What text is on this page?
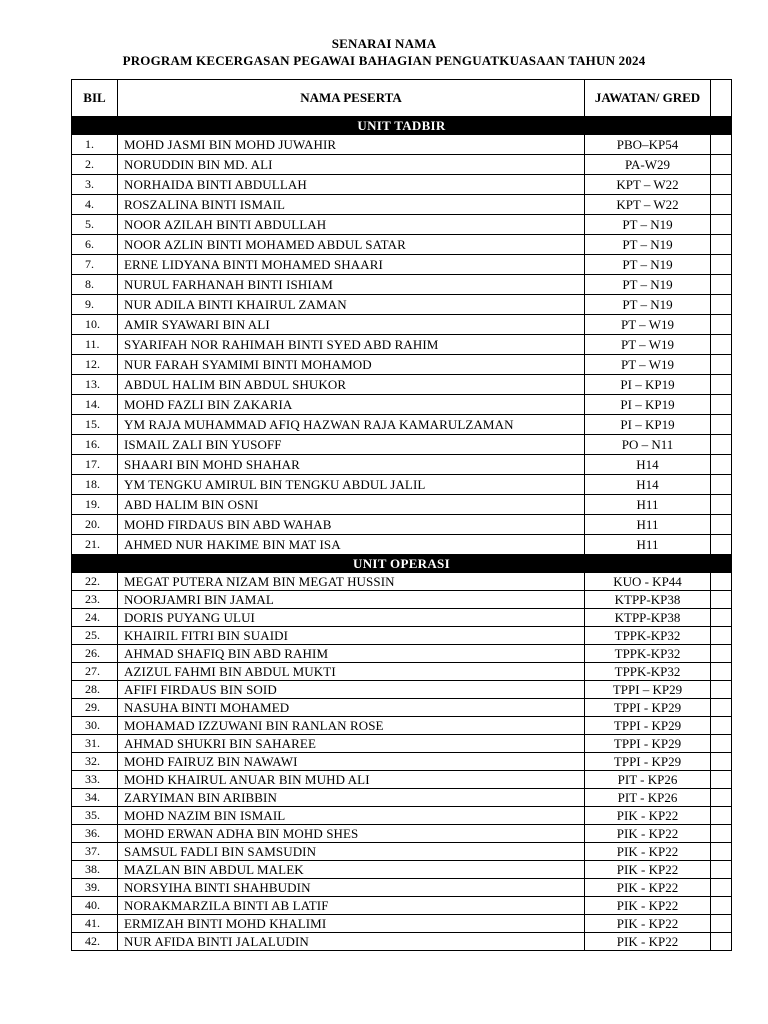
SENARAI NAMA
PROGRAM KECERGASAN PEGAWAI BAHAGIAN PENGUATKUASAAN TAHUN 2024
BIL	NAMA PESERTA	JAWATAN/ GRED	
UNIT TADBIR			
1.	MOHD JASMI BIN MOHD JUWAHIR	PBO–KP54	
2.	NORUDDIN BIN MD. ALI	PA-W29	
3.	NORHAIDA BINTI ABDULLAH	KPT – W22	
4.	ROSZALINA BINTI ISMAIL	KPT – W22	
5.	NOOR AZILAH BINTI ABDULLAH	PT – N19	
6.	NOOR AZLIN BINTI MOHAMED ABDUL SATAR	PT – N19	
7.	ERNE LIDYANA BINTI MOHAMED SHAARI	PT – N19	
8.	NURUL FARHANAH BINTI ISHIAM	PT – N19	
9.	NUR ADILA BINTI KHAIRUL ZAMAN	PT – N19	
10.	AMIR SYAWARI BIN ALI	PT – W19	
11.	SYARIFAH NOR RAHIMAH BINTI SYED ABD RAHIM	PT – W19	
12.	NUR FARAH SYAMIMI BINTI MOHAMOD	PT – W19	
13.	ABDUL HALIM BIN ABDUL SHUKOR	PI – KP19	
14.	MOHD FAZLI BIN ZAKARIA	PI – KP19	
15.	YM RAJA MUHAMMAD AFIQ HAZWAN RAJA KAMARULZAMAN	PI – KP19	
16.	ISMAIL ZALI BIN YUSOFF	PO – N11	
17.	SHAARI BIN MOHD SHAHAR	H14	
18.	YM TENGKU AMIRUL BIN TENGKU ABDUL JALIL	H14	
19.	ABD HALIM BIN OSNI	H11	
20.	MOHD FIRDAUS BIN ABD WAHAB	H11	
21.	AHMED NUR HAKIME BIN MAT ISA	H11	
UNIT OPERASI			
22.	MEGAT PUTERA NIZAM BIN MEGAT HUSSIN	KUO - KP44	
23.	NOORJAMRI BIN JAMAL	KTPP-KP38	
24.	DORIS PUYANG ULUI	KTPP-KP38	
25.	KHAIRIL FITRI BIN SUAIDI	TPPK-KP32	
26.	AHMAD SHAFIQ BIN ABD RAHIM	TPPK-KP32	
27.	AZIZUL FAHMI BIN ABDUL MUKTI	TPPK-KP32	
28.	AFIFI FIRDAUS BIN SOID	TPPI – KP29	
29.	NASUHA BINTI MOHAMED	TPPI - KP29	
30.	MOHAMAD IZZUWANI BIN RANLAN ROSE	TPPI - KP29	
31.	AHMAD SHUKRI BIN SAHAREE	TPPI - KP29	
32.	MOHD FAIRUZ BIN NAWAWI	TPPI - KP29	
33.	MOHD KHAIRUL ANUAR BIN MUHD ALI	PIT - KP26	
34.	ZARYIMAN BIN ARIBBIN	PIT - KP26	
35.	MOHD NAZIM BIN ISMAIL	PIK - KP22	
36.	MOHD ERWAN ADHA BIN MOHD SHES	PIK - KP22	
37.	SAMSUL FADLI BIN SAMSUDIN	PIK - KP22	
38.	MAZLAN BIN ABDUL MALEK	PIK - KP22	
39.	NORSYIHA BINTI SHAHBUDIN	PIK - KP22	
40.	NORAKMARZILA BINTI AB LATIF	PIK - KP22	
41.	ERMIZAH BINTI MOHD KHALIMI	PIK - KP22	
42.	NUR AFIDA BINTI JALALUDIN	PIK - KP22	
